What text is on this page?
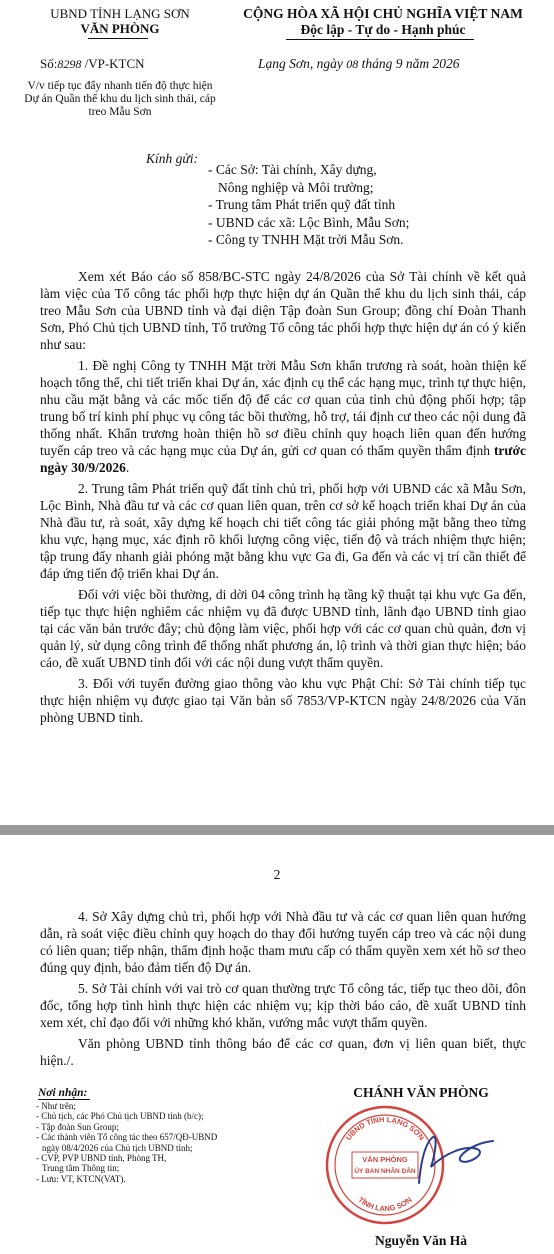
UBND TỈNH LẠNG SƠN
VĂN PHÒNG
CỘNG HÒA XÃ HỘI CHỦ NGHĨA VIỆT NAM
Độc lập - Tự do - Hạnh phúc
Số:8298 /VP-KTCN	Lạng Sơn, ngày 08 tháng 9 năm 2026
V/v tiếp tục đẩy nhanh tiến độ thực hiện Dự án Quần thể khu du lịch sinh thái, cáp treo Mẫu Sơn
Kính gửi:
- Các Sở: Tài chính, Xây dựng,
Nông nghiệp và Môi trường;
- Trung tâm Phát triển quỹ đất tỉnh
- UBND các xã: Lộc Bình, Mẫu Sơn;
- Công ty TNHH Mặt trời Mẫu Sơn.

Xem xét Báo cáo số 858/BC-STC ngày 24/8/2026 của Sở Tài chính về kết quả làm việc của Tổ công tác phối hợp thực hiện dự án Quần thể khu du lịch sinh thái, cáp treo Mẫu Sơn của UBND tỉnh và đại diện Tập đoàn Sun Group; đồng chí Đoàn Thanh Sơn, Phó Chủ tịch UBND tỉnh, Tổ trưởng Tổ công tác phối hợp thực hiện dự án có ý kiến như sau:

1. Đề nghị Công ty TNHH Mặt trời Mẫu Sơn khẩn trương rà soát, hoàn thiện kế hoạch tổng thể, chi tiết triển khai Dự án, xác định cụ thể các hạng mục, trình tự thực hiện, nhu cầu mặt bằng và các mốc tiến độ để các cơ quan của tỉnh chủ động phối hợp; tập trung bố trí kinh phí phục vụ công tác bồi thường, hỗ trợ, tái định cư theo các nội dung đã thống nhất. Khẩn trương hoàn thiện hồ sơ điều chỉnh quy hoạch liên quan đến hướng tuyến cáp treo và các hạng mục của Dự án, gửi cơ quan có thẩm quyền thẩm định trước ngày 30/9/2026.

2. Trung tâm Phát triển quỹ đất tỉnh chủ trì, phối hợp với UBND các xã Mẫu Sơn, Lộc Bình, Nhà đầu tư và các cơ quan liên quan, trên cơ sở kế hoạch triển khai Dự án của Nhà đầu tư, rà soát, xây dựng kế hoạch chi tiết công tác giải phóng mặt bằng theo từng khu vực, hạng mục, xác định rõ khối lượng công việc, tiến độ và trách nhiệm thực hiện; tập trung đẩy nhanh giải phóng mặt bằng khu vực Ga đi, Ga đến và các vị trí cần thiết để đáp ứng tiến độ triển khai Dự án.

Đối với việc bồi thường, di dời 04 công trình hạ tầng kỹ thuật tại khu vực Ga đến, tiếp tục thực hiện nghiêm các nhiệm vụ đã được UBND tỉnh, lãnh đạo UBND tỉnh giao tại các văn bản trước đây; chủ động làm việc, phối hợp với các cơ quan chủ quản, đơn vị quản lý, sử dụng công trình để thống nhất phương án, lộ trình và thời gian thực hiện; báo cáo, đề xuất UBND tỉnh đối với các nội dung vượt thẩm quyền.

3. Đối với tuyến đường giao thông vào khu vực Phật Chỉ: Sở Tài chính tiếp tục thực hiện nhiệm vụ được giao tại Văn bản số 7853/VP-KTCN ngày 24/8/2026 của Văn phòng UBND tỉnh.

2

4. Sở Xây dựng chủ trì, phối hợp với Nhà đầu tư và các cơ quan liên quan hướng dẫn, rà soát việc điều chỉnh quy hoạch do thay đổi hướng tuyến cáp treo và các nội dung có liên quan; tiếp nhận, thẩm định hoặc tham mưu cấp có thẩm quyền xem xét hồ sơ theo đúng quy định, bảo đảm tiến độ Dự án.

5. Sở Tài chính với vai trò cơ quan thường trực Tổ công tác, tiếp tục theo dõi, đôn đốc, tổng hợp tình hình thực hiện các nhiệm vụ; kịp thời báo cáo, đề xuất UBND tỉnh xem xét, chỉ đạo đối với những khó khăn, vướng mắc vượt thẩm quyền.

Văn phòng UBND tỉnh thông báo để các cơ quan, đơn vị liên quan biết, thực hiện./.

Nơi nhận:
- Như trên;
- Chủ tịch, các Phó Chủ tịch UBND tỉnh (b/c);
- Tập đoàn Sun Group;
- Các thành viên Tổ công tác theo 657/QĐ-UBND
ngày 08/4/2026 của Chủ tịch UBND tỉnh;
- CVP, PVP UBND tỉnh, Phòng TH,
Trung tâm Thông tin;
- Lưu: VT, KTCN(VAT).
CHÁNH VĂN PHÒNG
UBND TỈNH LẠNG SƠN
TỈNH LẠNG SƠN
VĂN PHÒNG
ỦY BAN NHÂN DÂN
Nguyễn Văn Hà
